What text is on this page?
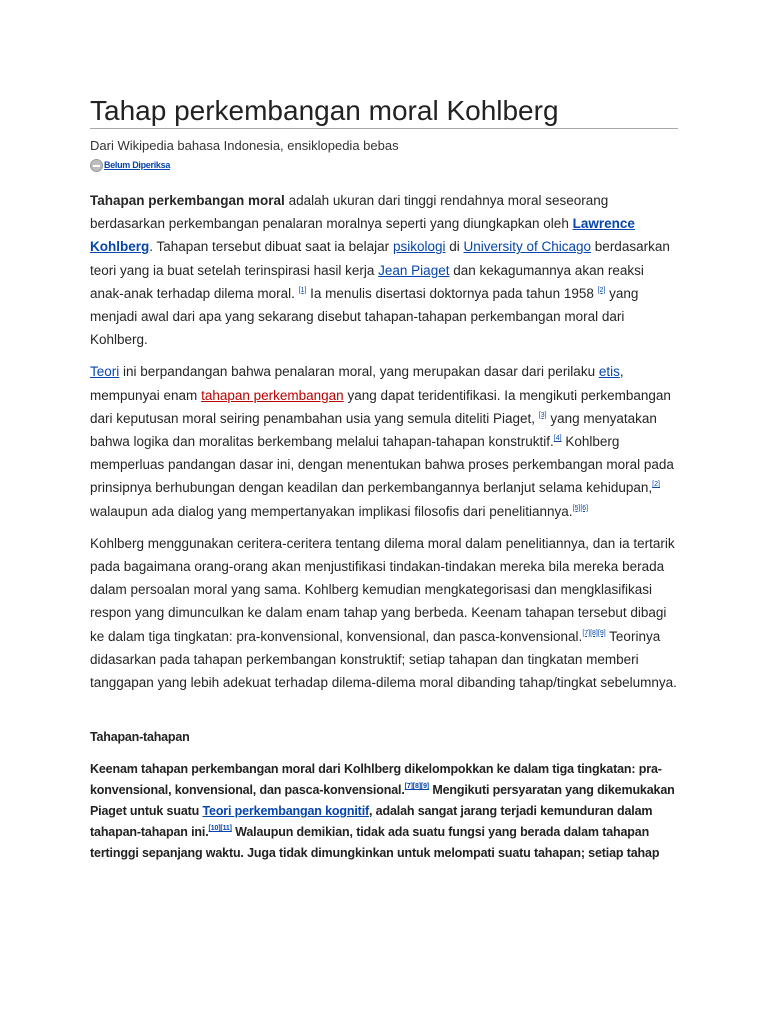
Tahap perkembangan moral Kohlberg
Dari Wikipedia bahasa Indonesia, ensiklopedia bebas
Belum Diperiksa

Tahapan perkembangan moral adalah ukuran dari tinggi rendahnya moral seseorang berdasarkan perkembangan penalaran moralnya seperti yang diungkapkan oleh Lawrence Kohlberg. Tahapan tersebut dibuat saat ia belajar psikologi di University of Chicago berdasarkan teori yang ia buat setelah terinspirasi hasil kerja Jean Piaget dan kekagumannya akan reaksi anak-anak terhadap dilema moral. [1] Ia menulis disertasi doktornya pada tahun 1958 [2] yang menjadi awal dari apa yang sekarang disebut tahapan-tahapan perkembangan moral dari Kohlberg.

Teori ini berpandangan bahwa penalaran moral, yang merupakan dasar dari perilaku etis, mempunyai enam tahapan perkembangan yang dapat teridentifikasi. Ia mengikuti perkembangan dari keputusan moral seiring penambahan usia yang semula diteliti Piaget, [3] yang menyatakan bahwa logika dan moralitas berkembang melalui tahapan-tahapan konstruktif.[4] Kohlberg memperluas pandangan dasar ini, dengan menentukan bahwa proses perkembangan moral pada prinsipnya berhubungan dengan keadilan dan perkembangannya berlanjut selama kehidupan,[2] walaupun ada dialog yang mempertanyakan implikasi filosofis dari penelitiannya.[5][6]

Kohlberg menggunakan ceritera-ceritera tentang dilema moral dalam penelitiannya, dan ia tertarik pada bagaimana orang-orang akan menjustifikasi tindakan-tindakan mereka bila mereka berada dalam persoalan moral yang sama. Kohlberg kemudian mengkategorisasi dan mengklasifikasi respon yang dimunculkan ke dalam enam tahap yang berbeda. Keenam tahapan tersebut dibagi ke dalam tiga tingkatan: pra-konvensional, konvensional, dan pasca-konvensional.[7][8][9] Teorinya didasarkan pada tahapan perkembangan konstruktif; setiap tahapan dan tingkatan memberi tanggapan yang lebih adekuat terhadap dilema-dilema moral dibanding tahap/tingkat sebelumnya.

Tahapan-tahapan

Keenam tahapan perkembangan moral dari Kolhlberg dikelompokkan ke dalam tiga tingkatan: pra-konvensional, konvensional, dan pasca-konvensional.[7][8][9] Mengikuti persyaratan yang dikemukakan Piaget untuk suatu Teori perkembangan kognitif, adalah sangat jarang terjadi kemunduran dalam tahapan-tahapan ini.[10][11] Walaupun demikian, tidak ada suatu fungsi yang berada dalam tahapan tertinggi sepanjang waktu. Juga tidak dimungkinkan untuk melompati suatu tahapan; setiap tahap
